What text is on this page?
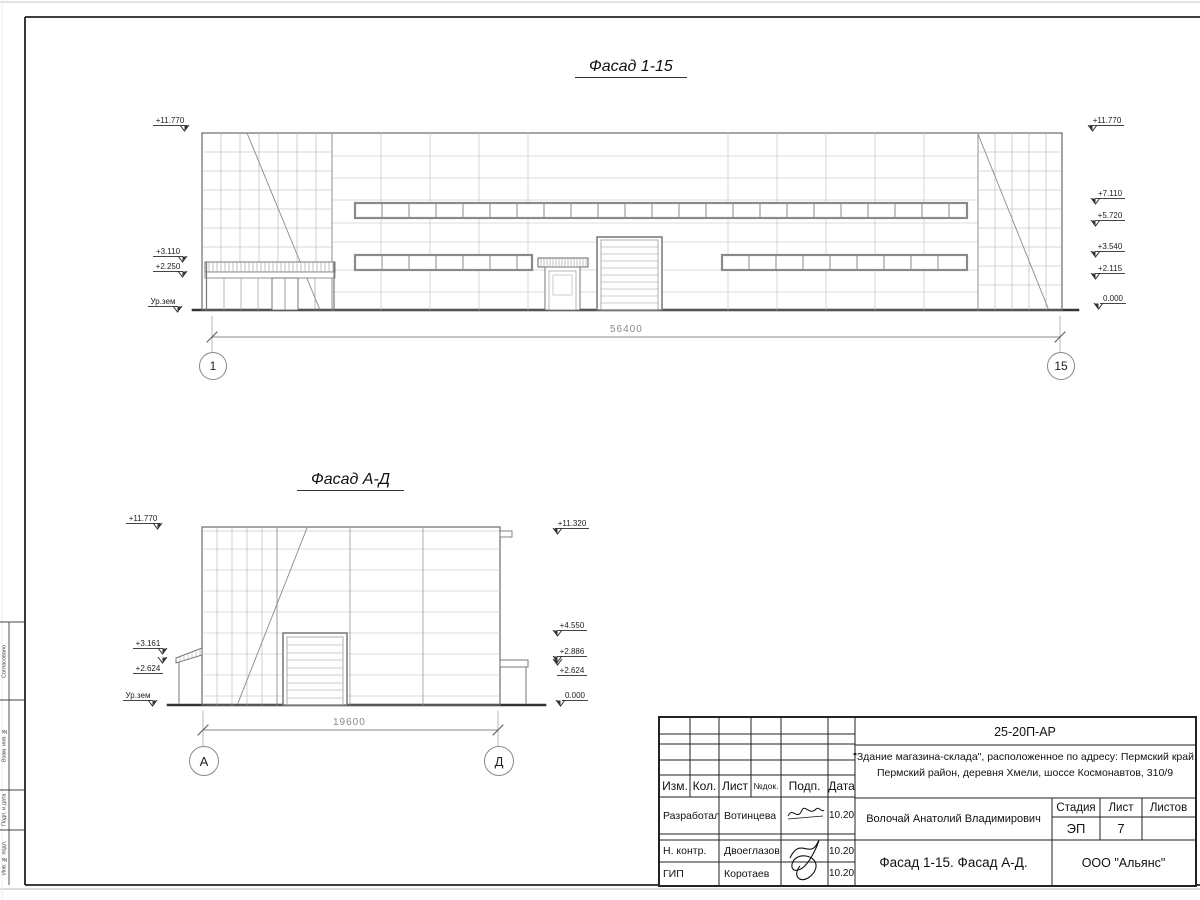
Фасад 1-15
Фасад А-Д
+11.770
+3.110
+2.250
Ур.зем
+11.770
+7.110
+5.720
+3.540
+2.115
0.000
56400
1	15
+11.770
+3.161
+2.624
Ур.зем
+11.320
+4.550
+2.886
+2.624
0.000
19600
А	Д
Согласовано
Взам. инв. №
Подп. и дата
Инв. № подл.
25-20П-АР
"Здание магазина-склада", расположенное по адресу: Пермский край,
Пермский район, деревня Хмели, шоссе Космонавтов, 310/9
Изм. Кол. Лист №док. Подп. Дата
Разработал Вотинцева	10.20
Н. контр.	Двоеглазов	10.20
ГИП	Коротаев	10.20
Волочай Анатолий Владимирович
Стадия	Лист	Листов
ЭП	7
Фасад 1-15. Фасад А-Д.	ООО "Альянс"
